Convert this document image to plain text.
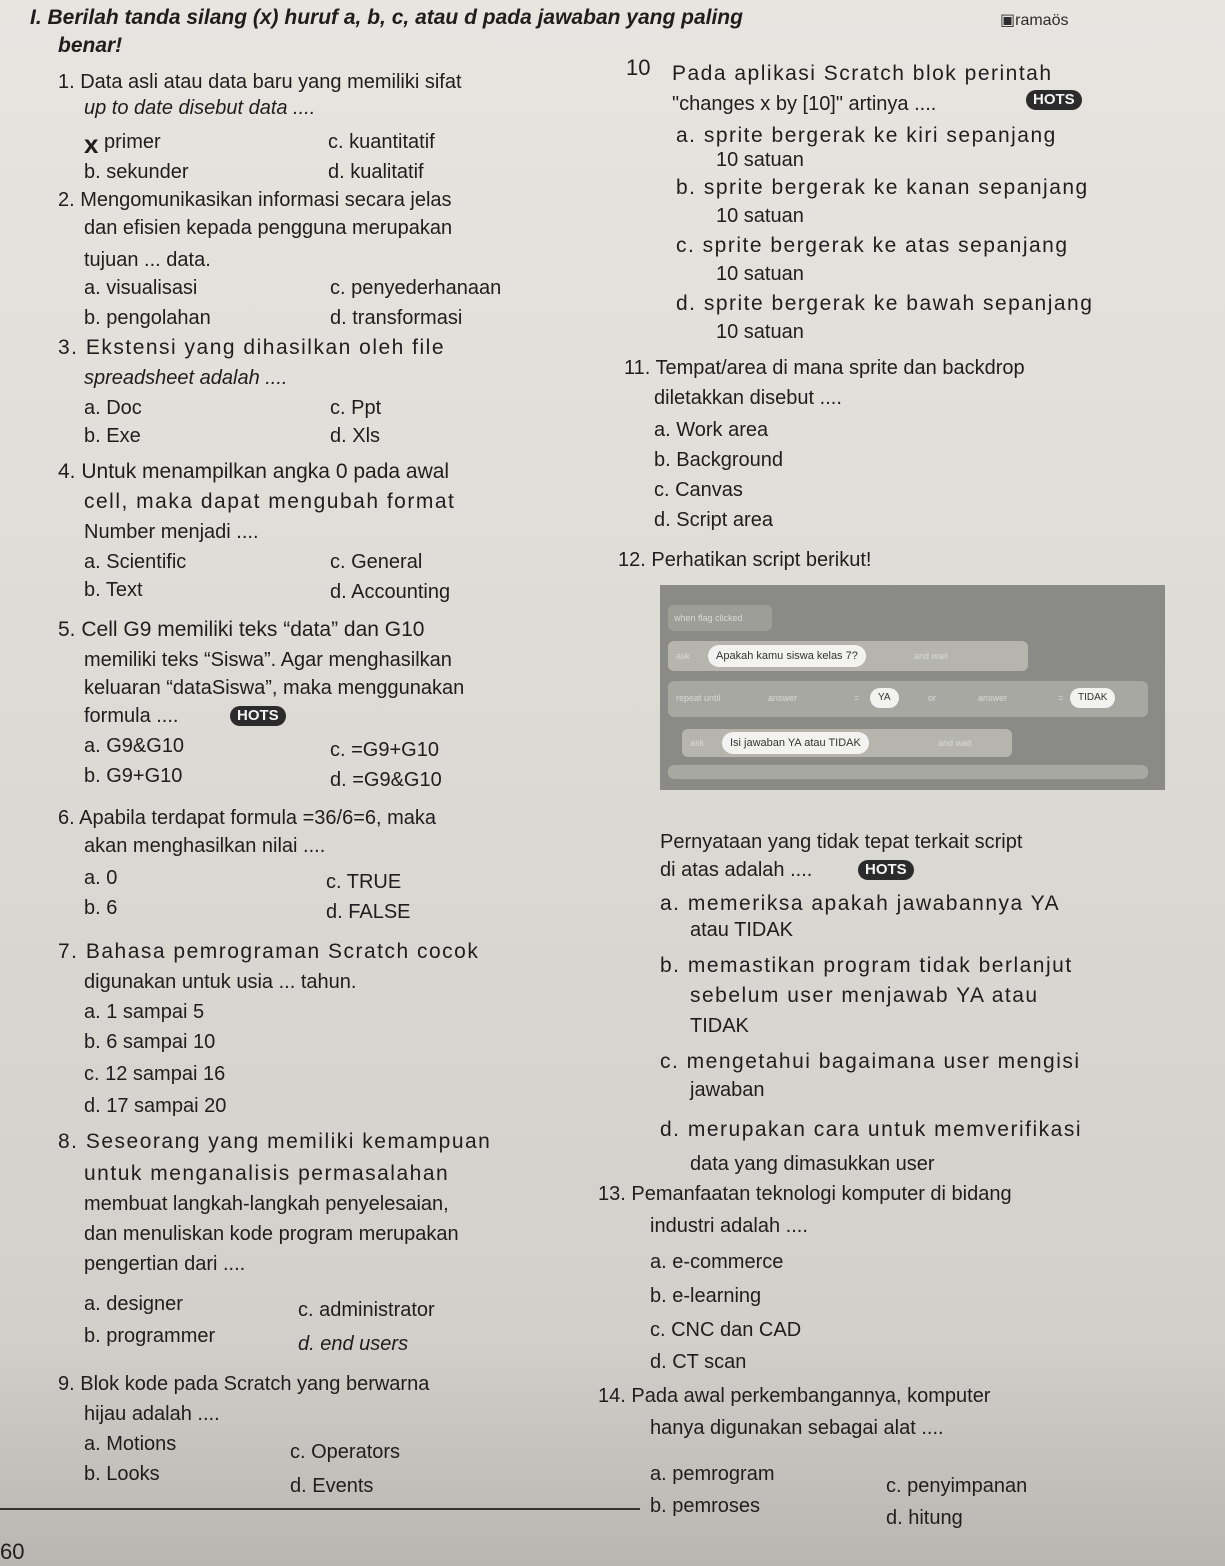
I. Berilah tanda silang (x) huruf a, b, c, atau d pada jawaban yang paling
benar!
▣ramaös
1. Data asli atau data baru yang memiliki sifat
up to date disebut data ....
x primer
b. sekunder
c. kuantitatif
d. kualitatif
2. Mengomunikasikan informasi secara jelas
dan efisien kepada pengguna merupakan
tujuan ... data.
a. visualisasi
b. pengolahan
c. penyederhanaan
d. transformasi
3. Ekstensi yang dihasilkan oleh file
spreadsheet adalah ....
a. Doc
b. Exe
c. Ppt
d. Xls
4. Untuk menampilkan angka 0 pada awal
cell, maka dapat mengubah format
Number menjadi ....
a. Scientific
b. Text
c. General
d. Accounting
5. Cell G9 memiliki teks “data” dan G10
memiliki teks “Siswa”. Agar menghasilkan
keluaran “dataSiswa”, maka menggunakan
formula ....	HOTS
a. G9&G10
b. G9+G10
c. =G9+G10
d. =G9&G10
6. Apabila terdapat formula =36/6=6, maka
akan menghasilkan nilai ....
a. 0
b. 6
c. TRUE
d. FALSE
7. Bahasa pemrograman Scratch cocok
digunakan untuk usia ... tahun.
a. 1 sampai 5
b. 6 sampai 10
c. 12 sampai 16
d. 17 sampai 20
8. Seseorang yang memiliki kemampuan
untuk menganalisis permasalahan
membuat langkah-langkah penyelesaian,
dan menuliskan kode program merupakan
pengertian dari ....
a. designer
b. programmer
c. administrator
d. end users
9. Blok kode pada Scratch yang berwarna
hijau adalah ....
a. Motions
b. Looks
c. Operators
d. Events
10 Pada aplikasi Scratch blok perintah
"changes x by [10]" artinya ....	HOTS
a. sprite bergerak ke kiri sepanjang
10 satuan
b. sprite bergerak ke kanan sepanjang
10 satuan
c. sprite bergerak ke atas sepanjang
10 satuan
d. sprite bergerak ke bawah sepanjang
10 satuan
11. Tempat/area di mana sprite dan backdrop
diletakkan disebut ....
a. Work area
b. Background
c. Canvas
d. Script area
12. Perhatikan script berikut!
when flag clicked
ask	Apakah kamu siswa kelas 7?	and wait
repeat until	answer	=	YA	or	answer	=	TIDAK
ask	Isi jawaban YA atau TIDAK	and wait
Pernyataan yang tidak tepat terkait script
di atas adalah ....	HOTS
a. memeriksa apakah jawabannya YA
atau TIDAK
b. memastikan program tidak berlanjut
sebelum user menjawab YA atau
TIDAK
c. mengetahui bagaimana user mengisi
jawaban
d. merupakan cara untuk memverifikasi
data yang dimasukkan user
13. Pemanfaatan teknologi komputer di bidang
industri adalah ....
a. e-commerce
b. e-learning
c. CNC dan CAD
d. CT scan
14. Pada awal perkembangannya, komputer
hanya digunakan sebagai alat ....
a. pemrogram
b. pemroses
c. penyimpanan
d. hitung
60
